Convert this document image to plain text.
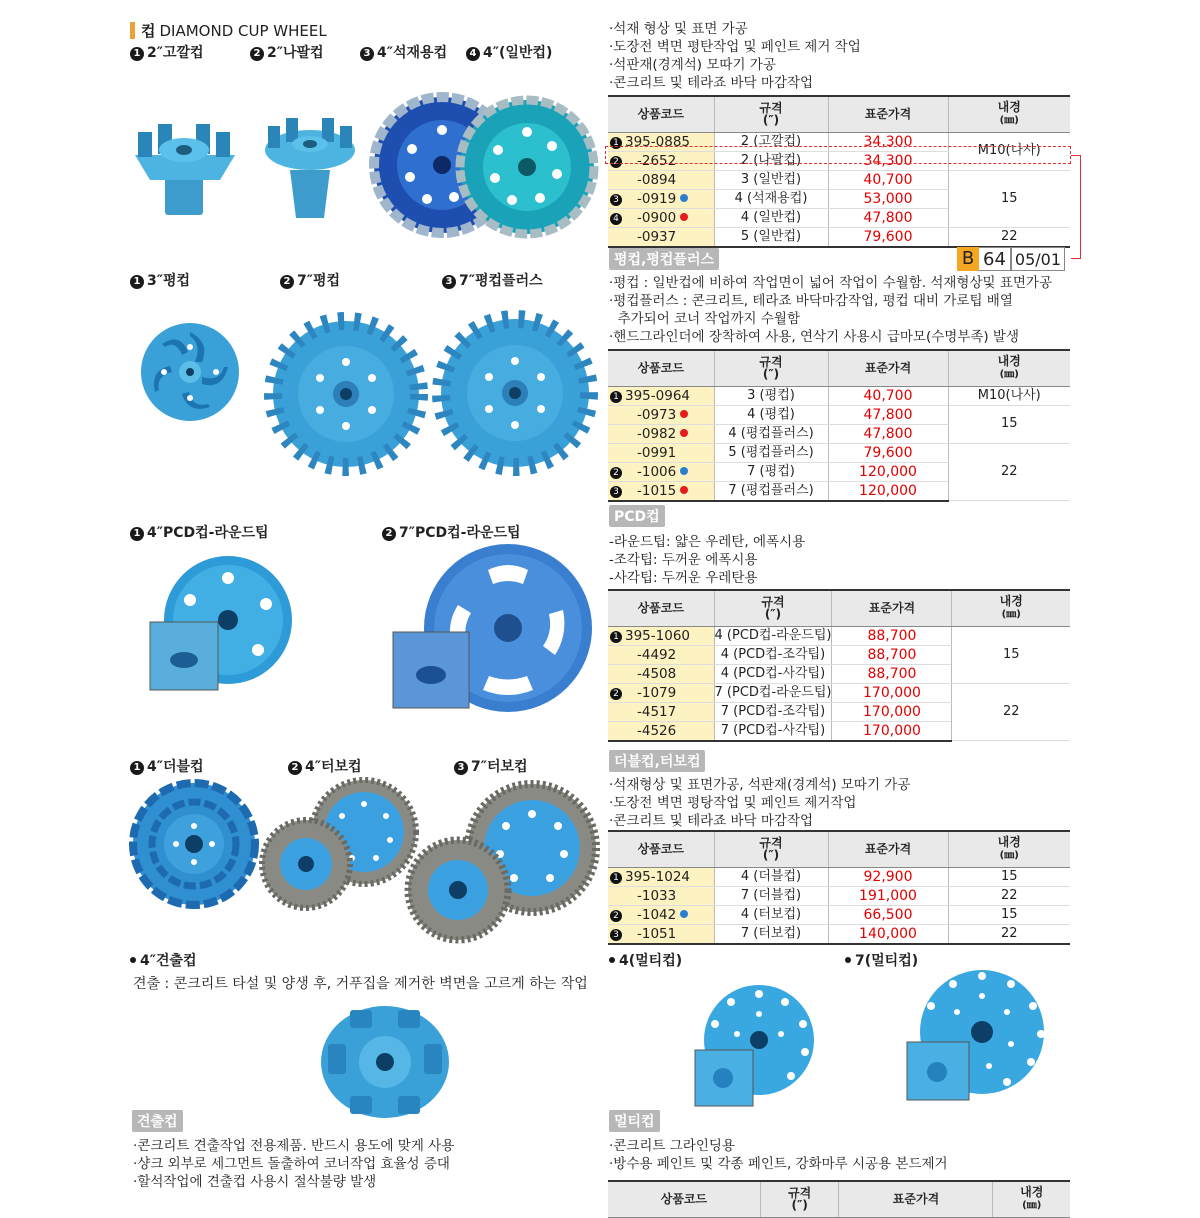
컵 DIAMOND CUP WHEEL
1 2″고깔컵	2 2″나팔컵	3 4″석재용컵	4 4″(일반컵)
·석재 형상 및 표면 가공
·도장전 벽면 평탄작업 및 페인트 제거 작업
·석판재(경계석) 모따기 가공
·콘크리트 및 테라죠 바닥 마감작업
상품코드	규격
(″)	표준가격	내경
(㎜)
1 395-0885	2 (고깔컵)	34,300	M10(나사)
2 -2652	2 (나팔컵)	34,300	
-0894	3 (일반컵)	40,700	15
3 -0919	4 (석재용컵)	53,000	
4 -0900	4 (일반컵)	47,800	
-0937	5 (일반컵)	79,600	22
B 64 05/01
1 3″평컵	2 7″평컵	3 7″평컵플러스
평컵,평컵플러스
·평컵 : 일반컵에 비하여 작업면이 넓어 작업이 수월함. 석재형상및 표면가공
·평컵플러스 : 콘크리트, 테라죠 바닥마감작업, 평컵 대비 가로팁 배열
추가되어 코너 작업까지 수월함
·핸드그라인더에 장착하여 사용, 연삭기 사용시 급마모(수명부족) 발생
상품코드	규격
(″)	표준가격	내경
(㎜)
1 395-0964	3 (평컵)	40,700	M10(나사)
-0973	4 (평컵)	47,800	15
-0982	4 (평컵플러스)	47,800	
-0991	5 (평컵플러스)	79,600	22
2 -1006	7 (평컵)	120,000	
3 -1015	7 (평컵플러스)	120,000	
1 4″PCD컵-라운드팁	2 7″PCD컵-라운드팁
PCD컵
-라운드팁: 얇은 우레탄, 에폭시용
-조각팁: 두꺼운 에폭시용
-사각팁: 두꺼운 우레탄용
상품코드	규격
(″)	표준가격	내경
(㎜)
1 395-1060	4 (PCD컵-라운드팁)	88,700	15
-4492	4 (PCD컵-조각팁)	88,700	
-4508	4 (PCD컵-사각팁)	88,700	
2 -1079	7 (PCD컵-라운드팁)	170,000	22
-4517	7 (PCD컵-조각팁)	170,000	
-4526	7 (PCD컵-사각팁)	170,000	
1 4″더블컵	2 4″터보컵	3 7″터보컵	더블컵,터보컵
·석재형상 및 표면가공, 석판재(경계석) 모따기 가공
·도장전 벽면 평탕작업 및 페인트 제거작업
·콘크리트 및 테라죠 바닥 마감작업
상품코드	규격
(″)	표준가격	내경
(㎜)
1 395-1024	4 (더블컵)	92,900	15
-1033	7 (더블컵)	191,000	22
2 -1042	4 (터보컵)	66,500	15
3 -1051	7 (터보컵)	140,000	22
4″견출컵
견출 : 콘크리트 타설 및 양생 후, 거푸집을 제거한 벽면을 고르게 하는 작업
견출컵
·콘크리트 견출작업 전용제품. 반드시 용도에 맞게 사용
·샹크 외부로 세그먼트 돌출하여 코너작업 효율성 증대
·할석작업에 견출컵 사용시 절삭불량 발생
4(멀티컵)	7(멀티컵)
멀티컵
·콘크리트 그라인딩용
·방수용 페인트 및 각종 페인트, 강화마루 시공용 본드제거
상품코드	규격
(″)	표준가격	내경
(㎜)
